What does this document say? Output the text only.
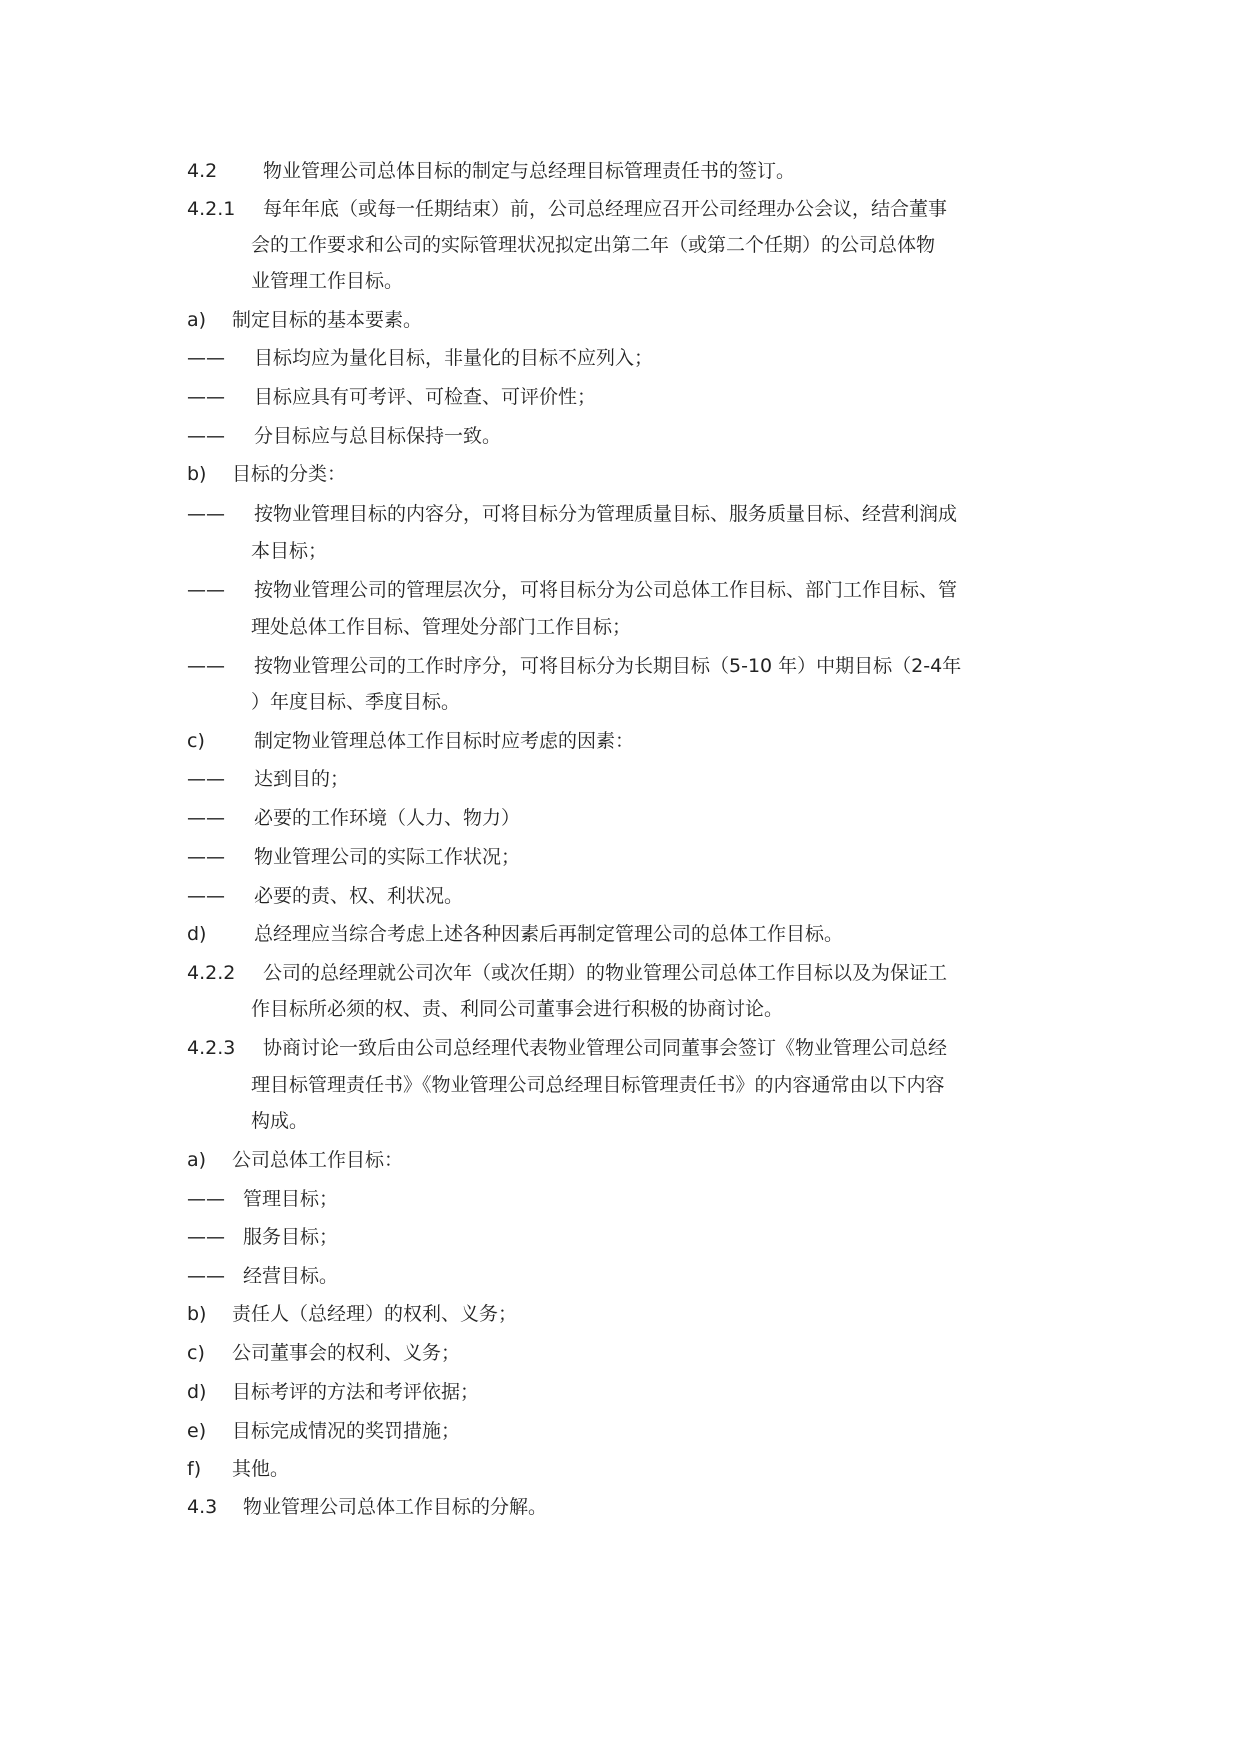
4.2 物业管理公司总体目标的制定与总经理目标管理责任书的签订。
4.2.1 每年年底（或每一任期结束）前，公司总经理应召开公司经理办公会议，结合董事
会的工作要求和公司的实际管理状况拟定出第二年（或第二个任期）的公司总体物
业管理工作目标。
a) 制定目标的基本要素。
—— 目标均应为量化目标，非量化的目标不应列入；
—— 目标应具有可考评、可检查、可评价性；
—— 分目标应与总目标保持一致。
b) 目标的分类：
—— 按物业管理目标的内容分，可将目标分为管理质量目标、服务质量目标、经营利润成
本目标；
—— 按物业管理公司的管理层次分，可将目标分为公司总体工作目标、部门工作目标、管
理处总体工作目标、管理处分部门工作目标；
—— 按物业管理公司的工作时序分，可将目标分为长期目标（5-10 年）中期目标（2-4年
）年度目标、季度目标。
c)	制定物业管理总体工作目标时应考虑的因素：
—— 达到目的；
—— 必要的工作环境（人力、物力）
—— 物业管理公司的实际工作状况；
—— 必要的责、权、利状况。
d)	总经理应当综合考虑上述各种因素后再制定管理公司的总体工作目标。
4.2.2 公司的总经理就公司次年（或次任期）的物业管理公司总体工作目标以及为保证工
作目标所必须的权、责、利同公司董事会进行积极的协商讨论。
4.2.3 协商讨论一致后由公司总经理代表物业管理公司同董事会签订《物业管理公司总经
理目标管理责任书》《物业管理公司总经理目标管理责任书》的内容通常由以下内容
构成。
a) 公司总体工作目标：
—— 管理目标；
—— 服务目标；
—— 经营目标。
b) 责任人（总经理）的权利、义务；
c) 公司董事会的权利、义务；
d) 目标考评的方法和考评依据；
e) 目标完成情况的奖罚措施；
f) 其他。
4.3 物业管理公司总体工作目标的分解。
